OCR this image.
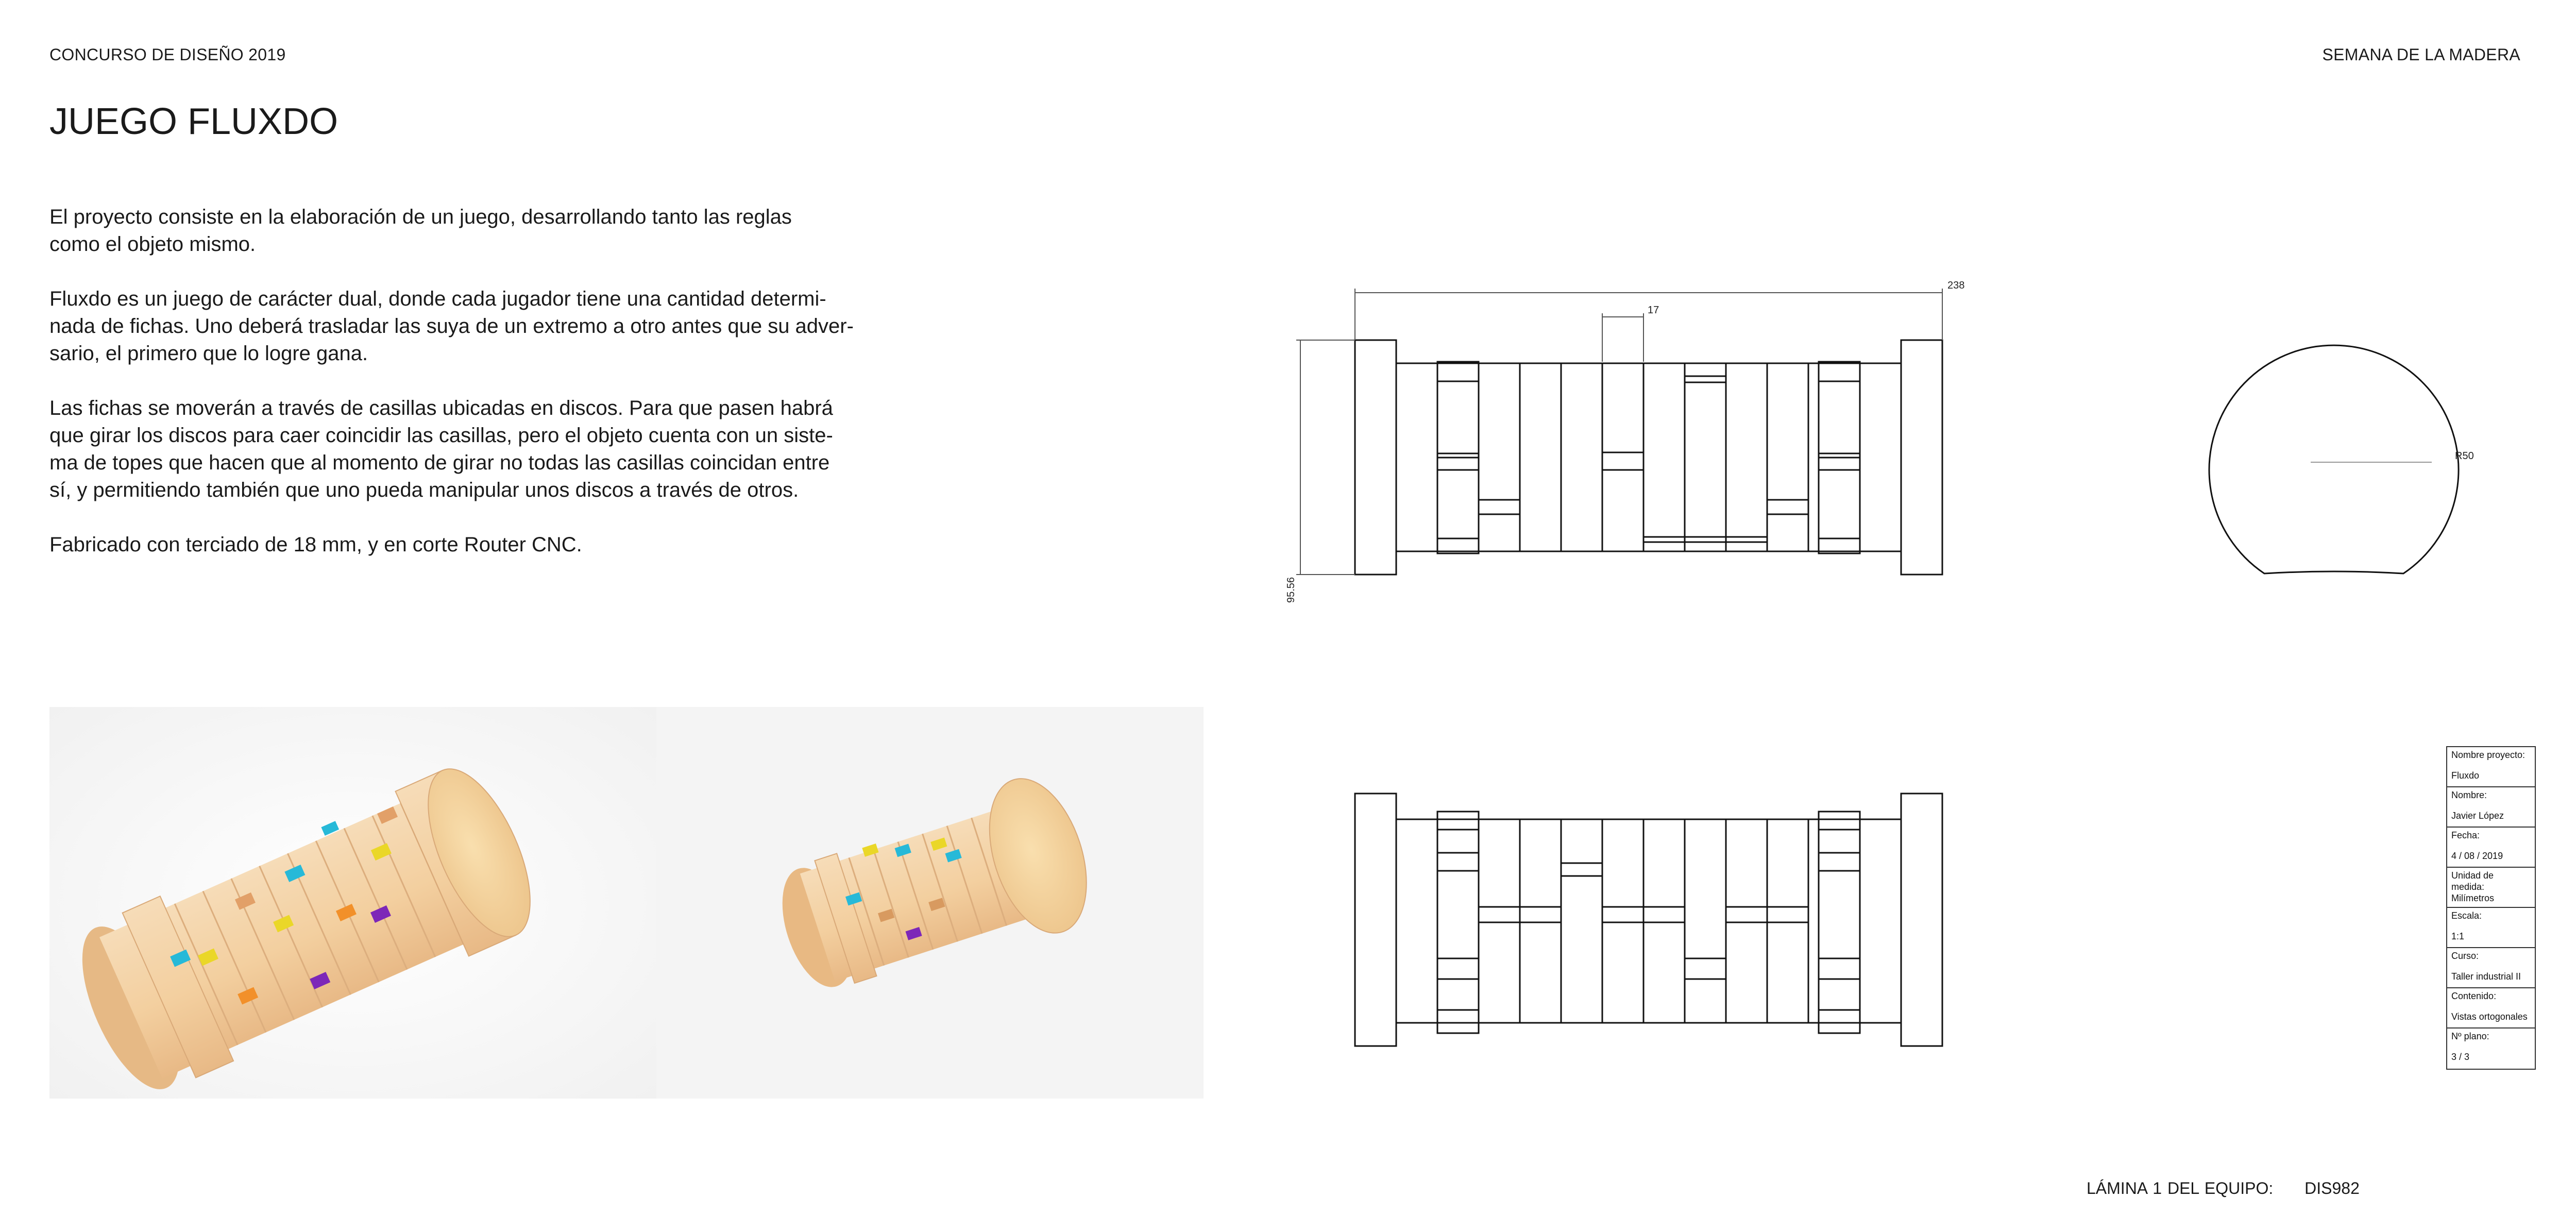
CONCURSO DE DISEÑO 2019	SEMANA DE LA MADERA
JUEGO FLUXDO

El proyecto consiste en la elaboración de un juego, desarrollando tanto las reglas
como el objeto mismo.

Fluxdo es un juego de carácter dual, donde cada jugador tiene una cantidad determi-
nada de fichas. Uno deberá trasladar las suya de un extremo a otro antes que su adver-
sario, el primero que lo logre gana.

Las fichas se moverán a través de casillas ubicadas en discos. Para que pasen habrá
que girar los discos para caer coincidir las casillas, pero el objeto cuenta con un siste-
ma de topes que hacen que al momento de girar no todas las casillas coincidan entre
sí, y permitiendo también que uno pueda manipular unos discos a través de otros.

Fabricado con terciado de 18 mm, y en corte Router CNC.

238
17
95.56
R50
Nombre proyecto:
Fluxdo
Nombre:
Javier López
Fecha:
4 / 08 / 2019
Unidad de
medida:
Milímetros
Escala:
1:1
Curso:
Taller industrial II
Contenido:
Vistas ortogonales
Nº plano:
3 / 3
LÁMINA 1 DEL EQUIPO: DIS982
